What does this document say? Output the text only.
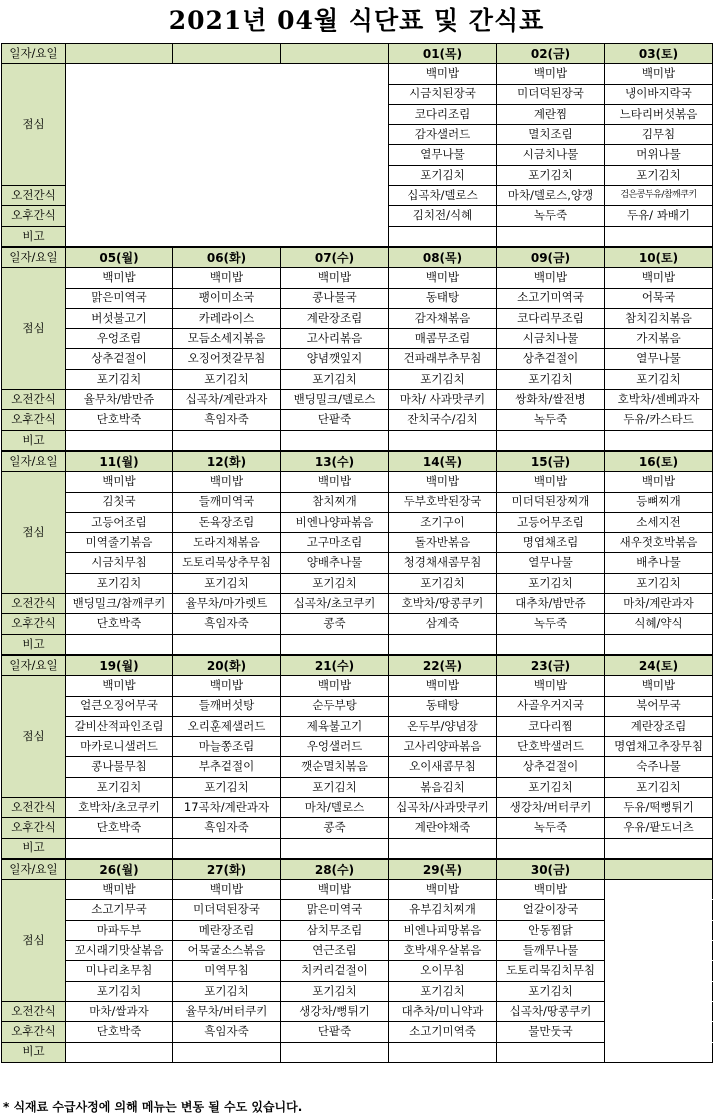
2021년 04월 식단표 및 간식표
일자/요일				01(목)	02(금)	03(토)
점심				백미밥	백미밥	백미밥
				시금치된장국	미더덕된장국	냉이바지락국
				코다리조림	계란찜	느타리버섯볶음
				감자샐러드	멸치조림	김무침
				열무나물	시금치나물	머위나물
				포기김치	포기김치	포기김치
오전간식				십곡차/델로스	마차/델로스,양갱	검은콩두유/참깨쿠키
오후간식				김치전/식혜	녹두죽	두유/ 꽈배기
비고						
일자/요일	05(월)	06(화)	07(수)	08(목)	09(금)	10(토)
점심	백미밥	백미밥	백미밥	백미밥	백미밥	백미밥
	맑은미역국	팽이미소국	콩나물국	동태탕	소고기미역국	어묵국
	버섯불고기	카레라이스	계란장조림	감자채볶음	코다리무조림	참치김치볶음
	우엉조림	모듬소세지볶음	고사리볶음	매콤무조림	시금치나물	가지볶음
	상추겉절이	오징어젓갈무침	양념깻잎지	건파래부추무침	상추겉절이	열무나물
	포기김치	포기김치	포기김치	포기김치	포기김치	포기김치
오전간식	율무차/밤만쥬	십곡차/계란과자	밴딩밀크/델로스	마차/ 사과맛쿠키	쌍화차/쌀전병	호박차/센베과자
오후간식	단호박죽	흑임자죽	단팥죽	잔치국수/김치	녹두죽	두유/카스타드
비고						
일자/요일	11(월)	12(화)	13(수)	14(목)	15(금)	16(토)
점심	백미밥	백미밥	백미밥	백미밥	백미밥	백미밥
	김칫국	들깨미역국	참치찌개	두부호박된장국	미더덕된장찌개	등뼈찌개
	고등어조림	돈육장조림	비엔나양파볶음	조기구이	고등어무조림	소세지전
	미역줄기볶음	도라지채볶음	고구마조림	돌자반볶음	명엽채조림	새우젓호박볶음
	시금치무침	도토리묵상추무침	양배추나물	청경채새콤무침	열무나물	배추나물
	포기김치	포기김치	포기김치	포기김치	포기김치	포기김치
오전간식	밴딩밀크/참깨쿠키	율무차/마가렛트	십곡차/초코쿠키	호박차/땅콩쿠키	대추차/밤만쥬	마차/계란과자
오후간식	단호박죽	흑임자죽	콩죽	삼계죽	녹두죽	식혜/약식
비고						
일자/요일	19(월)	20(화)	21(수)	22(목)	23(금)	24(토)
점심	백미밥	백미밥	백미밥	백미밥	백미밥	백미밥
	얼큰오징어무국	들깨버섯탕	순두부탕	동태탕	사골우거지국	북어무국
	갈비산적파인조림	오리훈제샐러드	제육불고기	온두부/양념장	코다리찜	계란장조림
	마카로니샐러드	마늘쫑조림	우엉샐러드	고사리양파볶음	단호박샐러드	명엽채고추장무침
	콩나물무침	부추겉절이	깻순멸치볶음	오이새콤무침	상추겉절이	숙주나물
	포기김치	포기김치	포기김치	볶음김치	포기김치	포기김치
오전간식	호박차/초코쿠키	17곡차/계란과자	마차/델로스	십곡차/사과맛쿠키	생강차/버터쿠키	두유/떡뻥튀기
오후간식	단호박죽	흑임자죽	콩죽	계란야채죽	녹두죽	우유/팥도너츠
비고						
일자/요일	26(월)	27(화)	28(수)	29(목)	30(금)	
점심	백미밥	백미밥	백미밥	백미밥	백미밥	
	소고기무국	미더덕된장국	맑은미역국	유부김치찌개	얼갈이장국	
	마파두부	메란장조림	삼치무조림	비엔나피망볶음	안동찜닭	
	꼬시래기맛살볶음	어묵굴소스볶음	연근조림	호박새우살볶음	들깨무나물	
	미나리초무침	미역무침	치커리겉절이	오이무침	도토리묵김치무침	
	포기김치	포기김치	포기김치	포기김치	포기김치	
오전간식	마차/쌀과자	율무차/버터쿠키	생강차/뻥튀기	대추차/미니약과	십곡차/땅콩쿠키	
오후간식	단호박죽	흑임자죽	단팥죽	소고기미역죽	물만둣국	
비고						
* 식재료 수급사정에 의해 메뉴는 변동 될 수도 있습니다.
